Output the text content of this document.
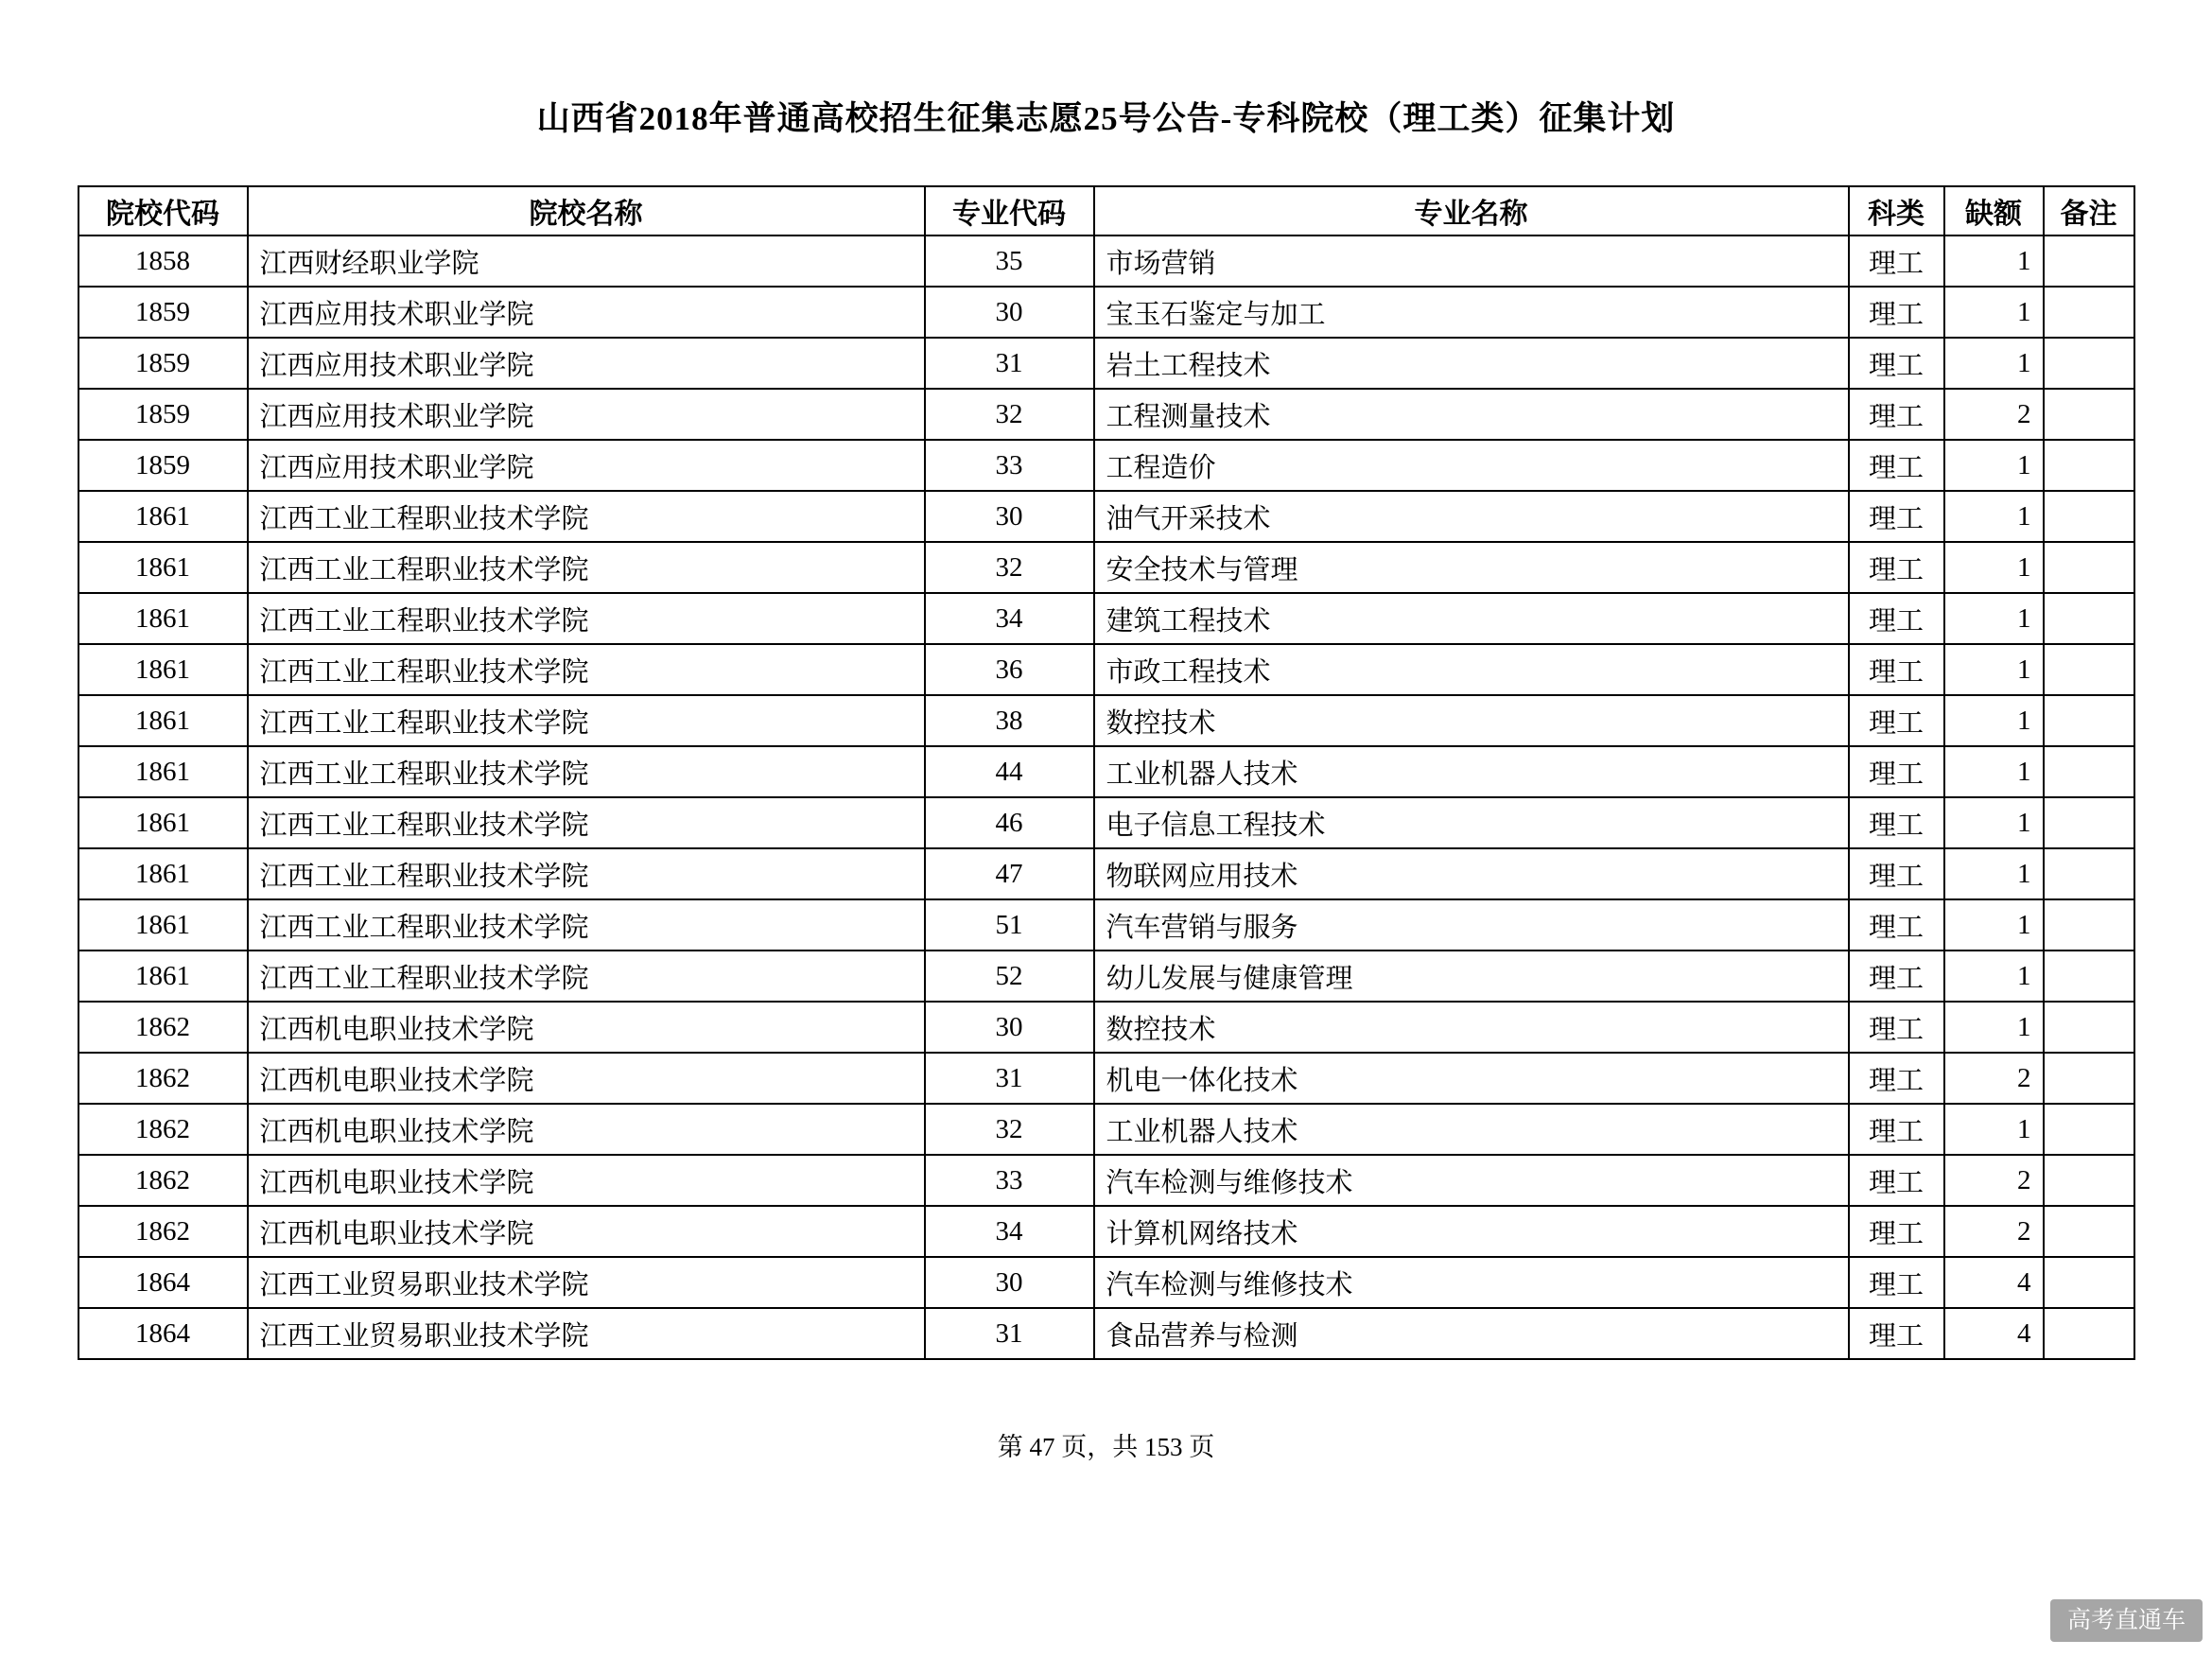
山西省2018年普通高校招生征集志愿25号公告-专科院校（理工类）征集计划
院校代码	院校名称	专业代码	专业名称	科类	缺额	备注
1858	江西财经职业学院	35	市场营销	理工	1	
1859	江西应用技术职业学院	30	宝玉石鉴定与加工	理工	1	
1859	江西应用技术职业学院	31	岩土工程技术	理工	1	
1859	江西应用技术职业学院	32	工程测量技术	理工	2	
1859	江西应用技术职业学院	33	工程造价	理工	1	
1861	江西工业工程职业技术学院	30	油气开采技术	理工	1	
1861	江西工业工程职业技术学院	32	安全技术与管理	理工	1	
1861	江西工业工程职业技术学院	34	建筑工程技术	理工	1	
1861	江西工业工程职业技术学院	36	市政工程技术	理工	1	
1861	江西工业工程职业技术学院	38	数控技术	理工	1	
1861	江西工业工程职业技术学院	44	工业机器人技术	理工	1	
1861	江西工业工程职业技术学院	46	电子信息工程技术	理工	1	
1861	江西工业工程职业技术学院	47	物联网应用技术	理工	1	
1861	江西工业工程职业技术学院	51	汽车营销与服务	理工	1	
1861	江西工业工程职业技术学院	52	幼儿发展与健康管理	理工	1	
1862	江西机电职业技术学院	30	数控技术	理工	1	
1862	江西机电职业技术学院	31	机电一体化技术	理工	2	
1862	江西机电职业技术学院	32	工业机器人技术	理工	1	
1862	江西机电职业技术学院	33	汽车检测与维修技术	理工	2	
1862	江西机电职业技术学院	34	计算机网络技术	理工	2	
1864	江西工业贸易职业技术学院	30	汽车检测与维修技术	理工	4	
1864	江西工业贸易职业技术学院	31	食品营养与检测	理工	4	
第 47 页，共 153 页
高考直通车
